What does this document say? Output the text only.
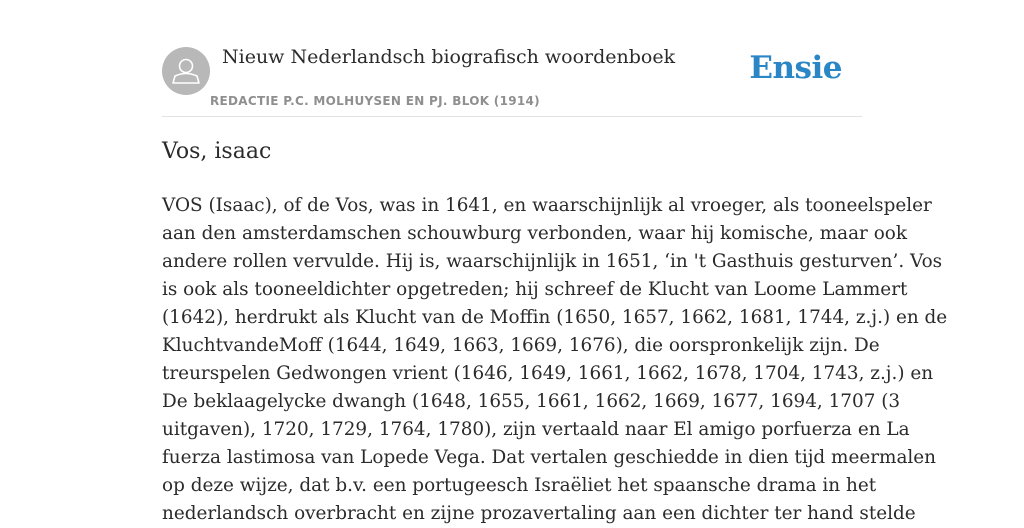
Nieuw Nederlandsch biografisch woordenboek
REDACTIE P.C. MOLHUYSEN EN PJ. BLOK (1914)
Ensie
Vos, isaac
VOS (Isaac), of de Vos, was in 1641, en waarschijnlijk al vroeger, als tooneelspeler
aan den amsterdamschen schouwburg verbonden, waar hij komische, maar ook
andere rollen vervulde. Hij is, waarschijnlijk in 1651, ‘in 't Gasthuis gesturven’. Vos
is ook als tooneeldichter opgetreden; hij schreef de Klucht van Loome Lammert
(1642), herdrukt als Klucht van de Moffin (1650, 1657, 1662, 1681, 1744, z.j.) en de
KluchtvandeMoff (1644, 1649, 1663, 1669, 1676), die oorspronkelijk zijn. De
treurspelen Gedwongen vrient (1646, 1649, 1661, 1662, 1678, 1704, 1743, z.j.) en
De beklaagelycke dwangh (1648, 1655, 1661, 1662, 1669, 1677, 1694, 1707 (3
uitgaven), 1720, 1729, 1764, 1780), zijn vertaald naar El amigo porfuerza en La
fuerza lastimosa van Lopede Vega. Dat vertalen geschiedde in dien tijd meermalen
op deze wijze, dat b.v. een portugeesch Israëliet het spaansche drama in het
nederlandsch overbracht en zijne prozavertaling aan een dichter ter hand stelde
